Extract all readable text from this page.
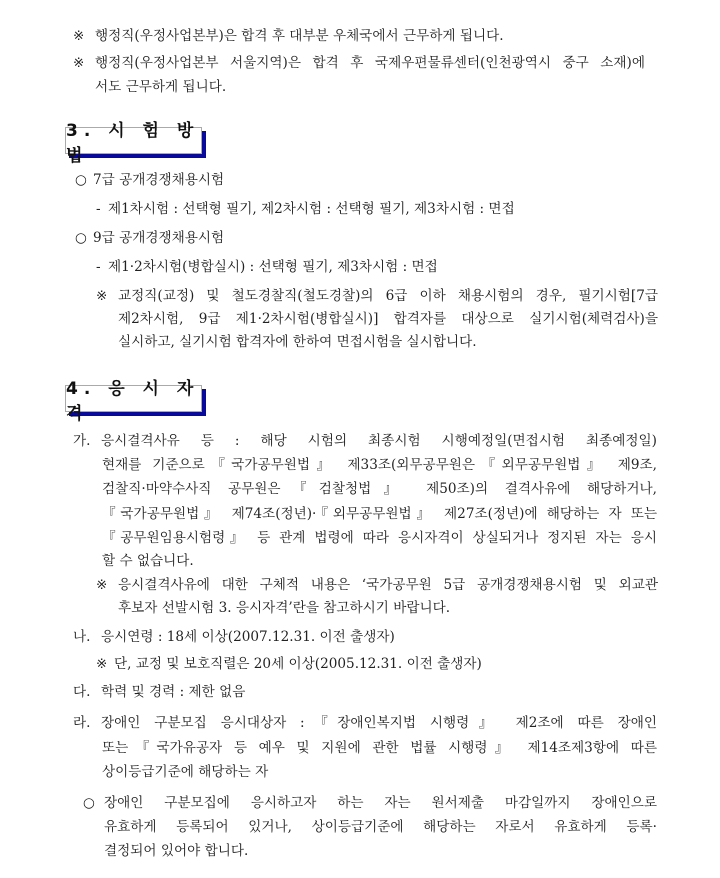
※ 행정직(우정사업본부)은 합격 후 대부분 우체국에서 근무하게 됩니다.
※ 행정직(우정사업본부 서울지역)은 합격 후 국제우편물류센터(인천광역시 중구 소재)에
서도 근무하게 됩니다.
3. 시 험 방 법
○ 7급 공개경쟁채용시험
- 제1차시험 : 선택형 필기, 제2차시험 : 선택형 필기, 제3차시험 : 면접
○ 9급 공개경쟁채용시험
- 제1·2차시험(병합실시) : 선택형 필기, 제3차시험 : 면접
※ 교정직(교정) 및 철도경찰직(철도경찰)의 6급 이하 채용시험의 경우, 필기시험[7급
제2차시험, 9급 제1·2차시험(병합실시)] 합격자를 대상으로 실기시험(체력검사)을
실시하고, 실기시험 합격자에 한하여 면접시험을 실시합니다.
4. 응 시 자 격
가. 응시결격사유 등 : 해당 시험의 최종시험 시행예정일(면접시험 최종예정일)
현재를 기준으로『국가공무원법』 제33조(외무공무원은『외무공무원법』 제9조,
검찰직·마약수사직 공무원은『검찰청법』 제50조)의 결격사유에 해당하거나,
『국가공무원법』 제74조(정년)·『외무공무원법』 제27조(정년)에 해당하는 자 또는
『공무원임용시험령』 등 관계 법령에 따라 응시자격이 상실되거나 정지된 자는 응시
할 수 없습니다.
※ 응시결격사유에 대한 구체적 내용은 ‘국가공무원 5급 공개경쟁채용시험 및 외교관
후보자 선발시험 3. 응시자격’란을 참고하시기 바랍니다.
나. 응시연령 : 18세 이상(2007.12.31. 이전 출생자)
※ 단, 교정 및 보호직렬은 20세 이상(2005.12.31. 이전 출생자)
다. 학력 및 경력 : 제한 없음
라. 장애인 구분모집 응시대상자 :『장애인복지법 시행령』 제2조에 따른 장애인
또는『국가유공자 등 예우 및 지원에 관한 법률 시행령』 제14조제3항에 따른
상이등급기준에 해당하는 자
○ 장애인 구분모집에 응시하고자 하는 자는 원서제출 마감일까지 장애인으로
유효하게 등록되어 있거나, 상이등급기준에 해당하는 자로서 유효하게 등록·
결정되어 있어야 합니다.
